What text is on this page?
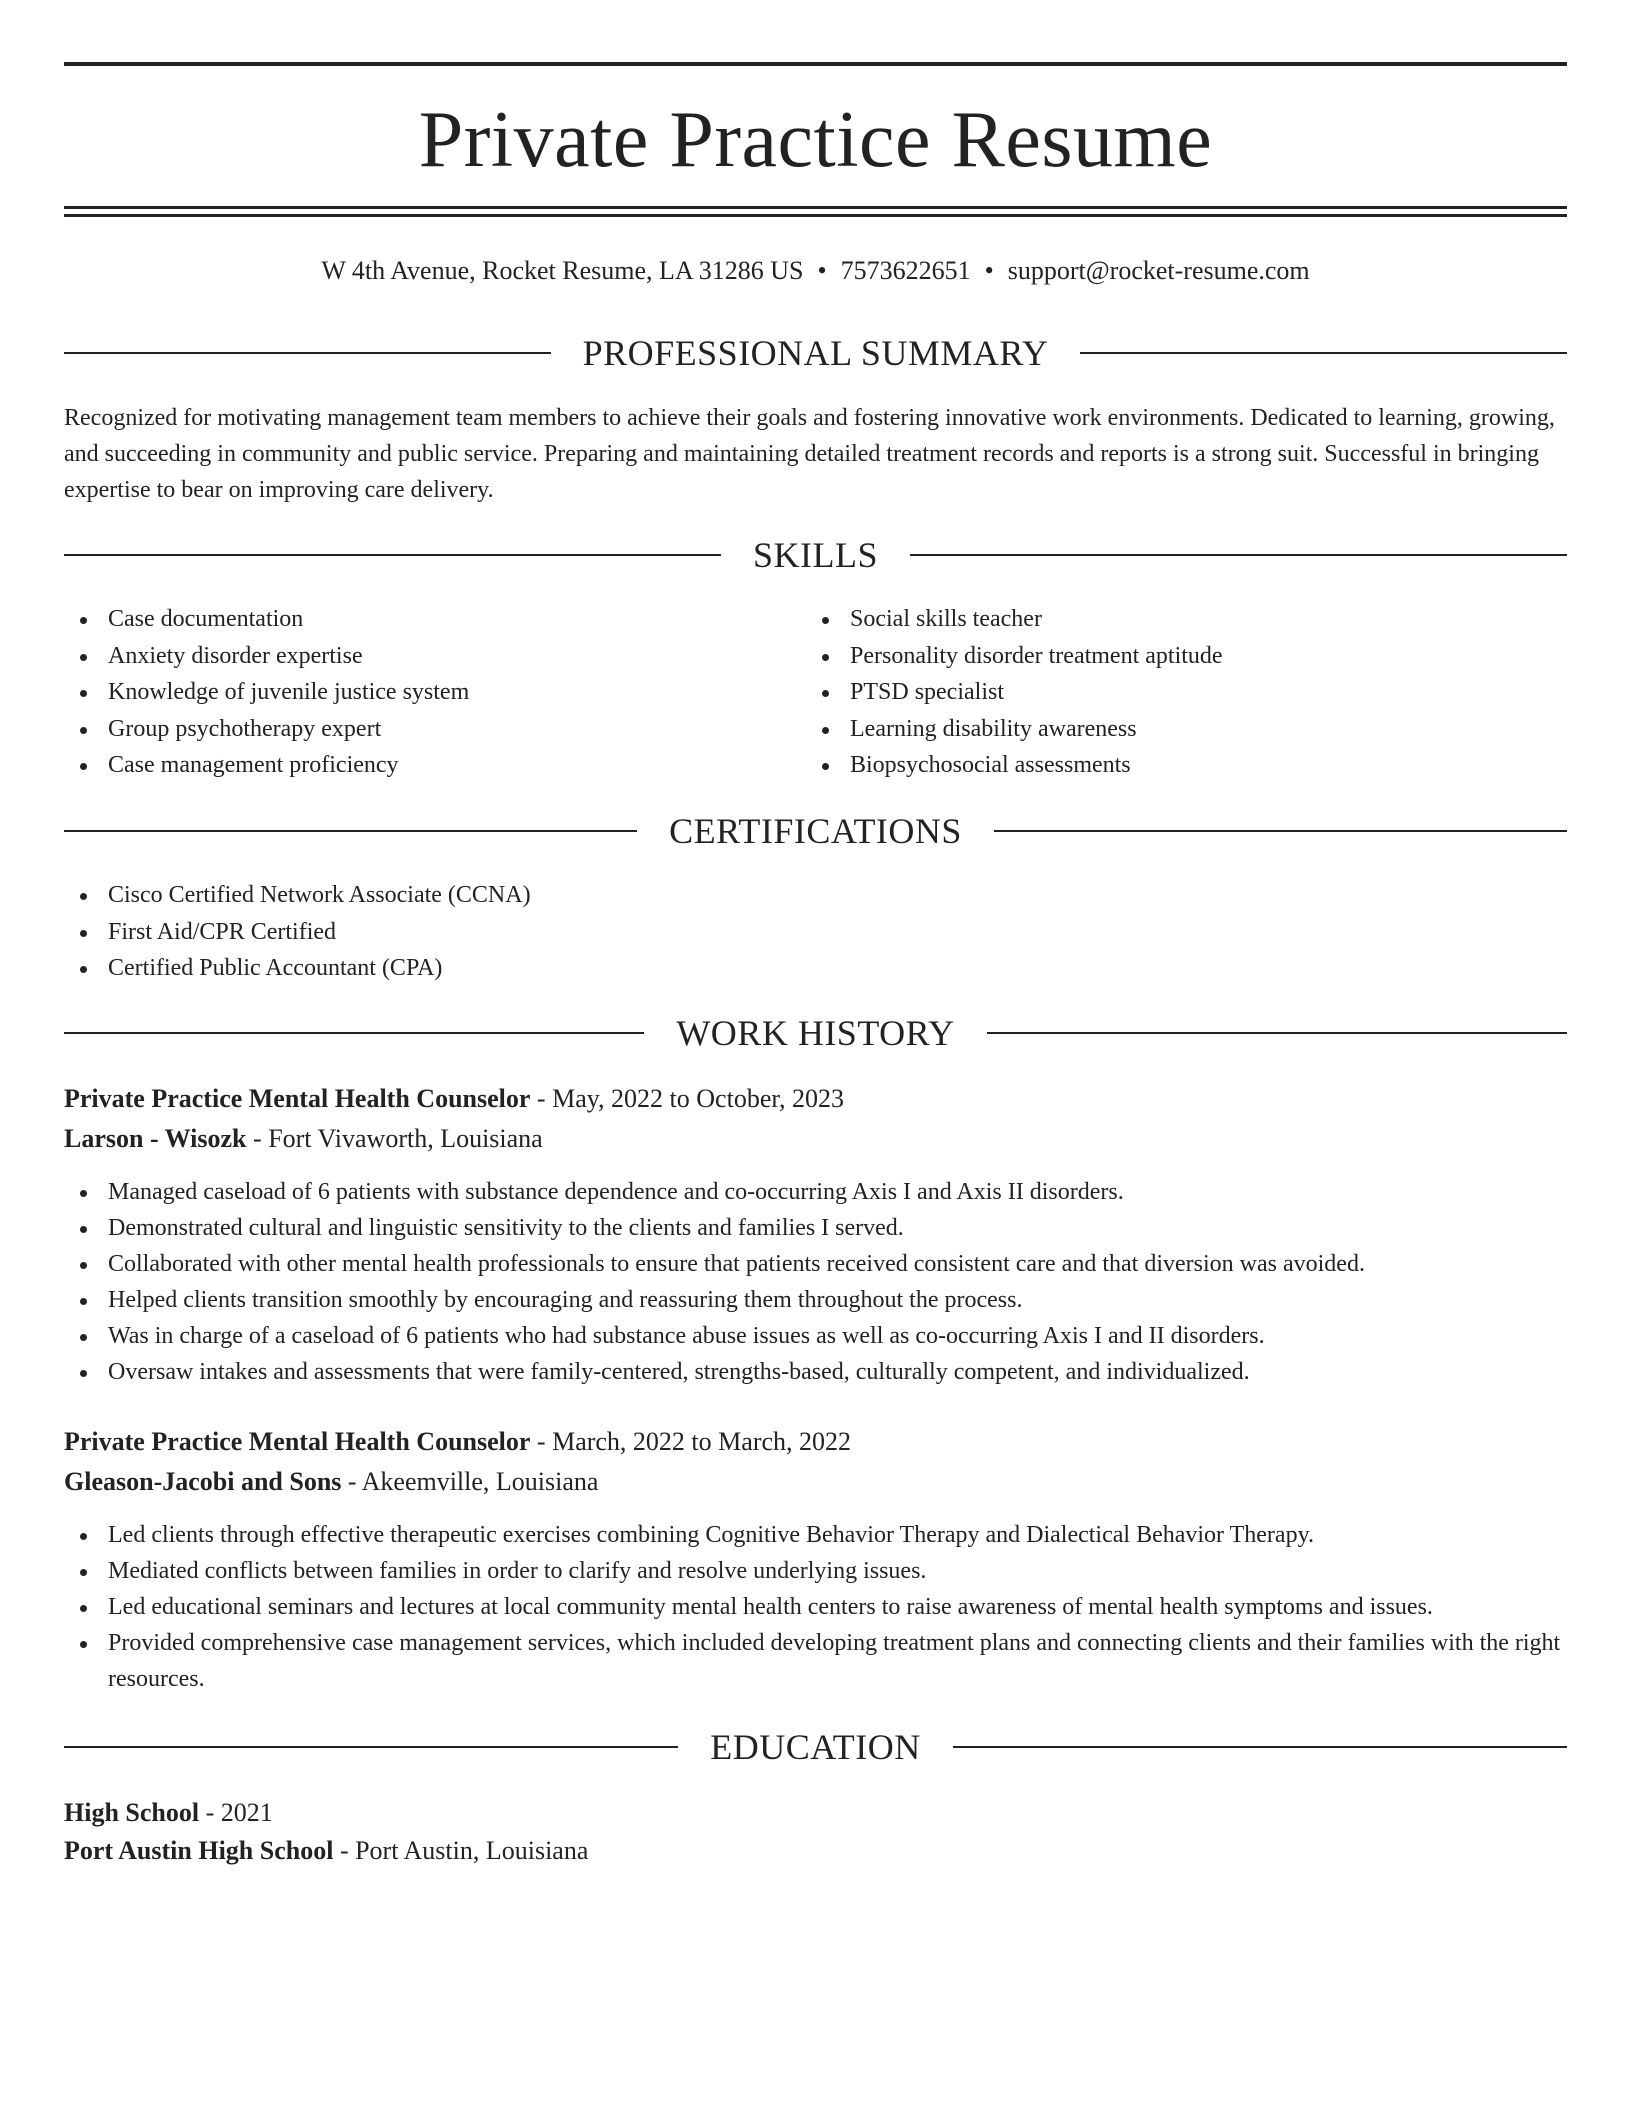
Private Practice Resume
W 4th Avenue, Rocket Resume, LA 31286 US • 7573622651 • support@rocket-resume.com
PROFESSIONAL SUMMARY
Recognized for motivating management team members to achieve their goals and fostering innovative work environments. Dedicated to learning, growing, and succeeding in community and public service. Preparing and maintaining detailed treatment records and reports is a strong suit. Successful in bringing expertise to bear on improving care delivery.
SKILLS
Case documentation
Anxiety disorder expertise
Knowledge of juvenile justice system
Group psychotherapy expert
Case management proficiency
Social skills teacher
Personality disorder treatment aptitude
PTSD specialist
Learning disability awareness
Biopsychosocial assessments
CERTIFICATIONS
Cisco Certified Network Associate (CCNA)
First Aid/CPR Certified
Certified Public Accountant (CPA)
WORK HISTORY
Private Practice Mental Health Counselor - May, 2022 to October, 2023
Larson - Wisozk - Fort Vivaworth, Louisiana
Managed caseload of 6 patients with substance dependence and co-occurring Axis I and Axis II disorders.
Demonstrated cultural and linguistic sensitivity to the clients and families I served.
Collaborated with other mental health professionals to ensure that patients received consistent care and that diversion was avoided.
Helped clients transition smoothly by encouraging and reassuring them throughout the process.
Was in charge of a caseload of 6 patients who had substance abuse issues as well as co-occurring Axis I and II disorders.
Oversaw intakes and assessments that were family-centered, strengths-based, culturally competent, and individualized.
Private Practice Mental Health Counselor - March, 2022 to March, 2022
Gleason-Jacobi and Sons - Akeemville, Louisiana
Led clients through effective therapeutic exercises combining Cognitive Behavior Therapy and Dialectical Behavior Therapy.
Mediated conflicts between families in order to clarify and resolve underlying issues.
Led educational seminars and lectures at local community mental health centers to raise awareness of mental health symptoms and issues.
Provided comprehensive case management services, which included developing treatment plans and connecting clients and their families with the right resources.
EDUCATION
High School - 2021
Port Austin High School - Port Austin, Louisiana
